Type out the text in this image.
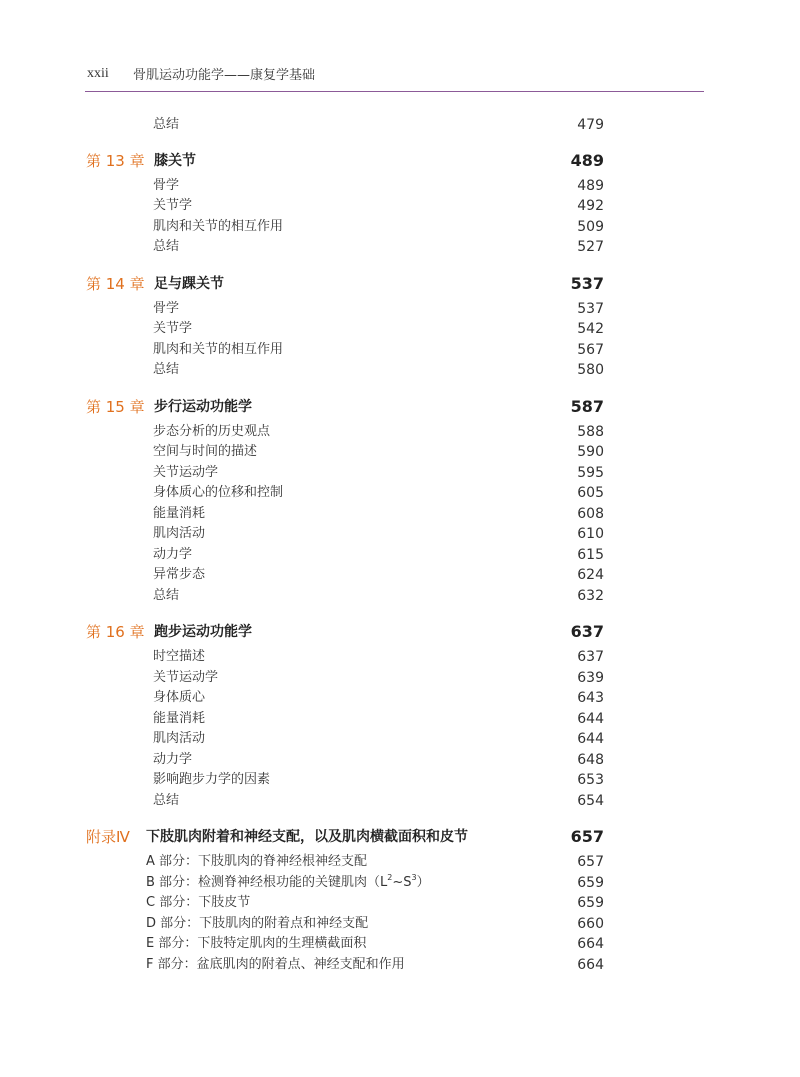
xxii 骨肌运动功能学——康复学基础
总结	479
第 13 章 膝关节	489
骨学	489
关节学	492
肌肉和关节的相互作用	509
总结	527
第 14 章 足与踝关节	537
骨学	537
关节学	542
肌肉和关节的相互作用	567
总结	580
第 15 章 步行运动功能学	587
步态分析的历史观点	588
空间与时间的描述	590
关节运动学	595
身体质心的位移和控制	605
能量消耗	608
肌肉活动	610
动力学	615
异常步态	624
总结	632
第 16 章 跑步运动功能学	637
时空描述	637
关节运动学	639
身体质心	643
能量消耗	644
肌肉活动	644
动力学	648
影响跑步力学的因素	653
总结	654
附录Ⅳ 下肢肌肉附着和神经支配，以及肌肉横截面积和皮节	657
A 部分：下肢肌肉的脊神经根神经支配	657
B 部分：检测脊神经根功能的关键肌肉$(L^2\sim S^3)$	659
C 部分：下肢皮节	659
D 部分：下肢肌肉的附着点和神经支配	660
E 部分：下肢特定肌肉的生理横截面积	664
F 部分：盆底肌肉的附着点、神经支配和作用	664
